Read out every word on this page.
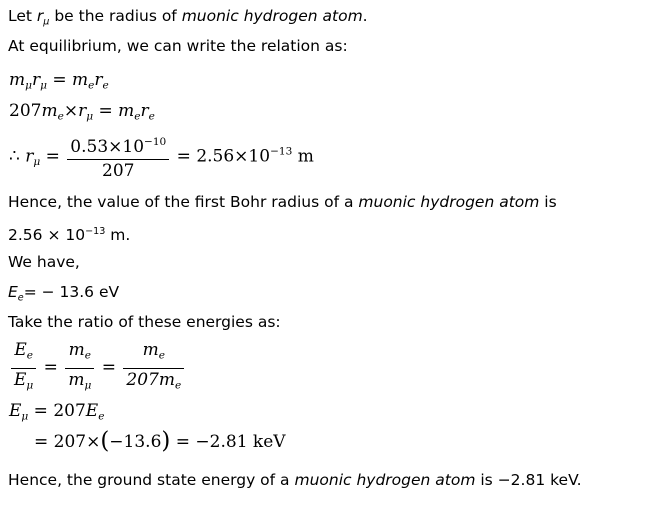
Let $r_\mu$ be the radius of muonic hydrogen atom.
At equilibrium, we can write the relation as:
$m_\mu r_\mu = m_er_e$
$207m_e\times r_\mu = m_er_e$
∴ $r_\mu = \frac{0.53\times 10^{-10}}{207} = 2.56\times 10^{-13}$ m
Hence, the value of the first Bohr radius of a muonic hydrogen atom is
$2.56 \times 10^{-13}$ m.
We have,
$E_e= - 13.6$ eV
Take the ratio of these energies as:
$\frac{E_e}{E_\mu} = \frac{m_e}{m_\mu} = \frac{m_e}{207m_e}$
$E_\mu = 207E_e$
= 207×(−13.6) = −2.81 keV
Hence, the ground state energy of a muonic hydrogen atom is −2.81 keV.
